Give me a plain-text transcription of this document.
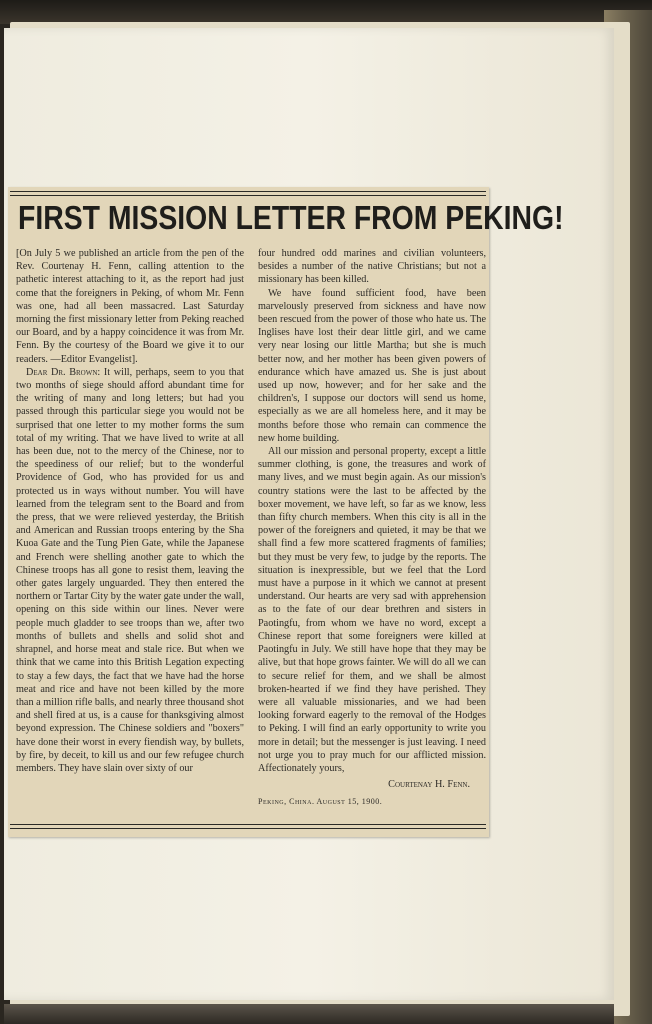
FIRST MISSION LETTER FROM PEKING!

[On July 5 we published an article from the pen of the Rev. Courtenay H. Fenn, calling attention to the pathetic interest attaching to it, as the report had just come that the foreigners in Peking, of whom Mr. Fenn was one, had all been massacred. Last Saturday morning the first missionary letter from Peking reached our Board, and by a happy coincidence it was from Mr. Fenn. By the courtesy of the Board we give it to our readers. —Editor Evangelist].

Dear Dr. Brown: It will, perhaps, seem to you that two months of siege should afford abundant time for the writing of many and long letters; but had you passed through this particular siege you would not be surprised that one letter to my mother forms the sum total of my writing. That we have lived to write at all has been due, not to the mercy of the Chinese, nor to the speediness of our relief; but to the wonderful Providence of God, who has provided for us and protected us in ways without number. You will have learned from the telegram sent to the Board and from the press, that we were relieved yesterday, the British and American and Russian troops entering by the Sha Kuoa Gate and the Tung Pien Gate, while the Japanese and French were shelling another gate to which the Chinese troops has all gone to resist them, leaving the other gates largely unguarded. They then entered the northern or Tartar City by the water gate under the wall, opening on this side within our lines. Never were people much gladder to see troops than we, after two months of bullets and shells and solid shot and shrapnel, and horse meat and stale rice. But when we think that we came into this British Legation expecting to stay a few days, the fact that we have had the horse meat and rice and have not been killed by the more than a million rifle balls, and nearly three thousand shot and shell fired at us, is a cause for thanksgiving almost beyond expression. The Chinese soldiers and "boxers" have done their worst in every fiendish way, by bullets, by fire, by deceit, to kill us and our few refugee church members. They have slain over sixty of our

four hundred odd marines and civilian volunteers, besides a number of the native Christians; but not a missionary has been killed.

We have found sufficient food, have been marvelously preserved from sickness and have now been rescued from the power of those who hate us. The Inglises have lost their dear little girl, and we came very near losing our little Martha; but she is much better now, and her mother has been given powers of endurance which have amazed us. She is just about used up now, however; and for her sake and the children's, I suppose our doctors will send us home, especially as we are all homeless here, and it may be months before those who remain can commence the new home building.

All our mission and personal property, except a little summer clothing, is gone, the treasures and work of many lives, and we must begin again. As our mission's country stations were the last to be affected by the boxer movement, we have left, so far as we know, less than fifty church members. When this city is all in the power of the foreigners and quieted, it may be that we shall find a few more scattered fragments of families; but they must be very few, to judge by the reports. The situation is inexpressible, but we feel that the Lord must have a purpose in it which we cannot at present understand. Our hearts are very sad with apprehension as to the fate of our dear brethren and sisters in Paotingfu, from whom we have no word, except a Chinese report that some foreigners were killed at Paotingfu in July. We still have hope that they may be alive, but that hope grows fainter. We will do all we can to secure relief for them, and we shall be almost broken-hearted if we find they have perished. They were all valuable missionaries, and we had been looking forward eagerly to the removal of the Hodges to Peking. I will find an early opportunity to write you more in detail; but the messenger is just leaving. I need not urge you to pray much for our afflicted mission. Affectionately yours,

Courtenay H. Fenn.

Peking, China. August 15, 1900.
